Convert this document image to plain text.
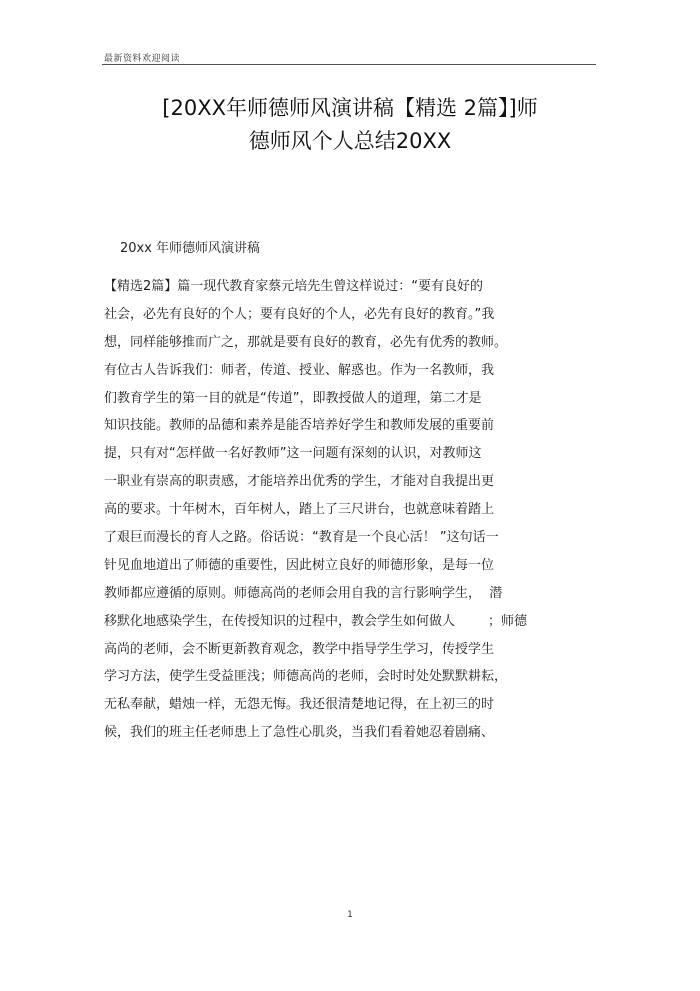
最新资料欢迎阅读
[20XX年师德师风演讲稿【精选 2篇】]师
德师风个人总结20XX
20xx 年师德师风演讲稿
【精选2篇】篇一现代教育家蔡元培先生曾这样说过：“要有良好的
社会，必先有良好的个人；要有良好的个人，必先有良好的教育。”我
想，同样能够推而广之，那就是要有良好的教育，必先有优秀的教师。
有位古人告诉我们：师者，传道、授业、解惑也。作为一名教师，我
们教育学生的第一目的就是“传道”，即教授做人的道理，第二才是
知识技能。教师的品德和素养是能否培养好学生和教师发展的重要前
提，只有对“怎样做一名好教师”这一问题有深刻的认识，对教师这
一职业有崇高的职责感，才能培养出优秀的学生，才能对自我提出更
高的要求。十年树木，百年树人，踏上了三尺讲台，也就意味着踏上
了艰巨而漫长的育人之路。俗话说：“教育是一个良心活！ ”这句话一
针见血地道出了师德的重要性，因此树立良好的师德形象，是每一位
教师都应遵循的原则。师德高尚的老师会用自我的言行影响学生，  潜
移默化地感染学生，在传授知识的过程中，教会学生如何做人        ；师德
高尚的老师，会不断更新教育观念，教学中指导学生学习，传授学生
学习方法，使学生受益匪浅；师德高尚的老师，会时时处处默默耕耘，
无私奉献，蜡烛一样，无怨无悔。我还很清楚地记得，在上初三的时
候，我们的班主任老师患上了急性心肌炎，当我们看着她忍着剧痛、
1
